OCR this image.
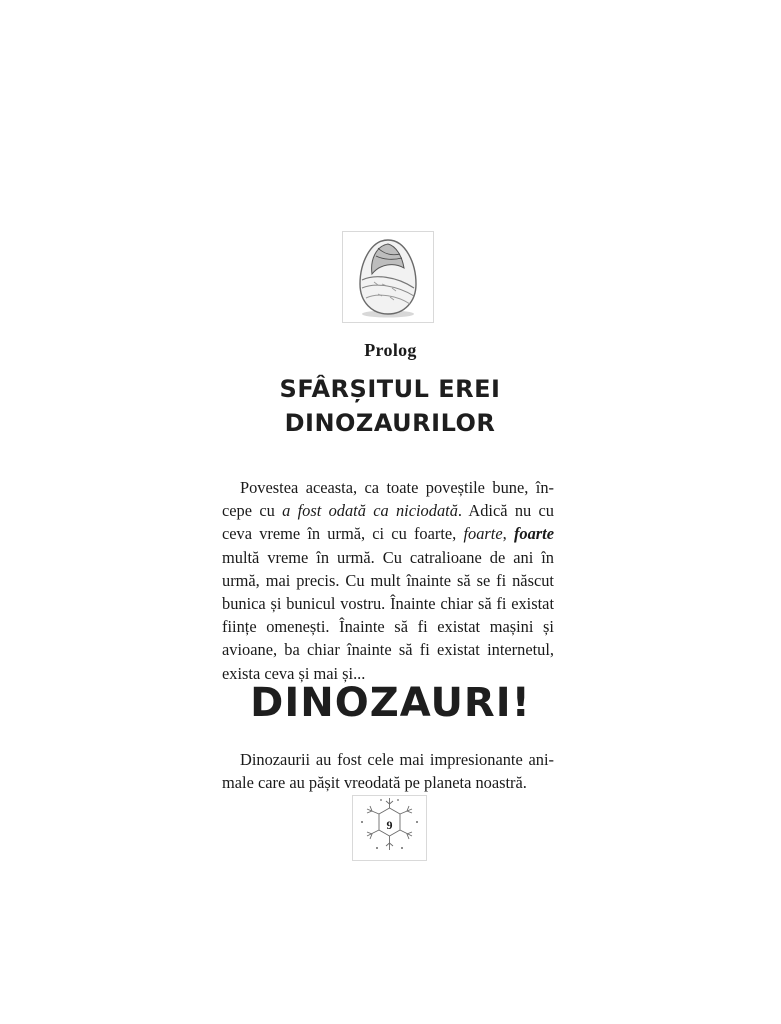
Prolog
SFÂRȘITUL EREI
DINOZAURILOR

Povestea aceasta, ca toate poveștile bune, începe cu a fost odată ca niciodată. Adică nu cu ceva vreme în urmă, ci cu foarte, foarte, foarte multă vreme în urmă. Cu catralioane de ani în urmă, mai precis. Cu mult înainte să se fi născut bunica și bunicul vostru. Înainte chiar să fi existat ființe omenești. Înainte să fi existat mașini și avioane, ba chiar înainte să fi existat internetul, exista ceva și mai și...

DINOZAURI!

Dinozaurii au fost cele mai impresionante animale care au pășit vreodată pe planeta noastră.

9
